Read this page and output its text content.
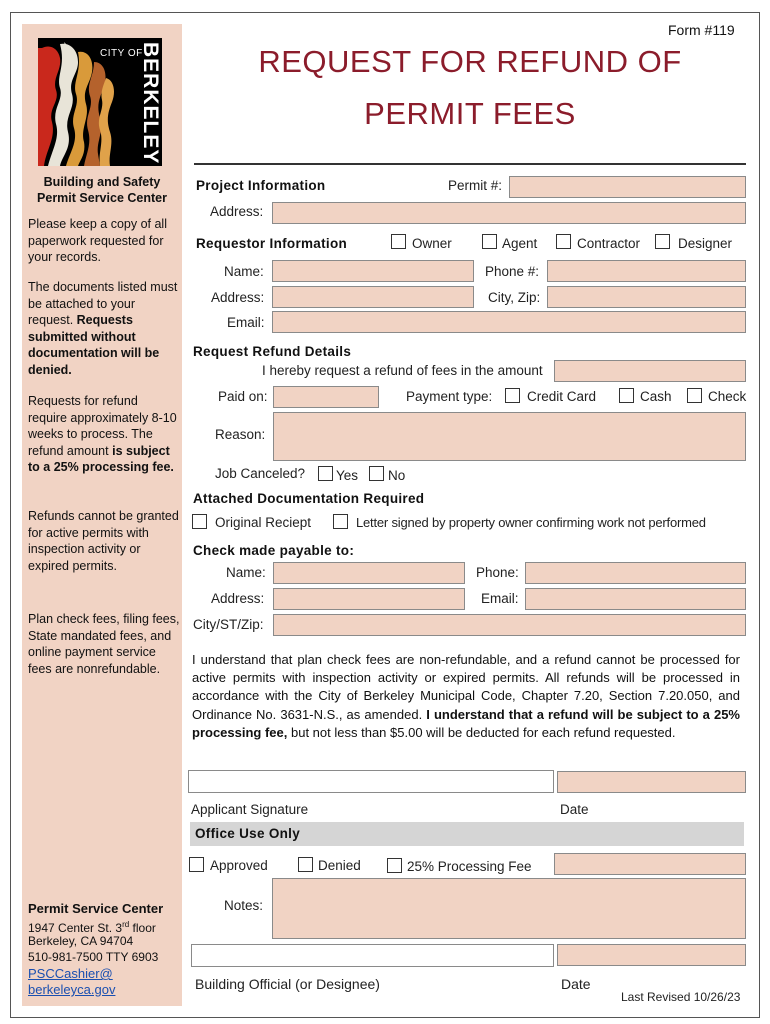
CITY OF
BERKELEY
Building and Safety
Permit Service Center
Please keep a copy of all paperwork requested for your records.
The documents listed must be attached to your request. Requests submitted without documentation will be denied.
Requests for refund require approximately 8-10 weeks to process. The refund amount is subject to a 25% processing fee.
Refunds cannot be granted for active permits with inspection activity or expired permits.
Plan check fees, filing fees, State mandated fees, and online payment service fees are nonrefundable.
Permit Service Center
1947 Center St. 3rd floor
Berkeley, CA 94704
510-981-7500 TTY 6903
PSCCashier@
berkeleyca.gov
Form #119
REQUEST FOR REFUND OF
PERMIT FEES
Project Information	Permit #:
Address:
Requestor Information	Owner	Agent	Contractor	Designer
Name:	Phone #:
Address:	City, Zip:
Email:
Request Refund Details
I hereby request a refund of fees in the amount
Paid on:	Payment type:	Credit Card	Cash	Check
Reason:
Job Canceled? Yes No
Attached Documentation Required
Original Reciept	Letter signed by property owner confirming work not performed
Check made payable to:
Name:	Phone:
Address:	Email:
City/ST/Zip:
I understand that plan check fees are non-refundable, and a refund cannot be processed for active permits with inspection activity or expired permits. All refunds will be processed in accordance with the City of Berkeley Municipal Code, Chapter 7.20, Section 7.20.050, and Ordinance No. 3631-N.S., as amended. I understand that a refund will be subject to a 25% processing fee, but not less than $5.00 will be deducted for each refund requested.
Applicant Signature	Date
Office Use Only
Approved	Denied	25% Processing Fee
Notes:
Building Official (or Designee)	Date
Last Revised 10/26/23
